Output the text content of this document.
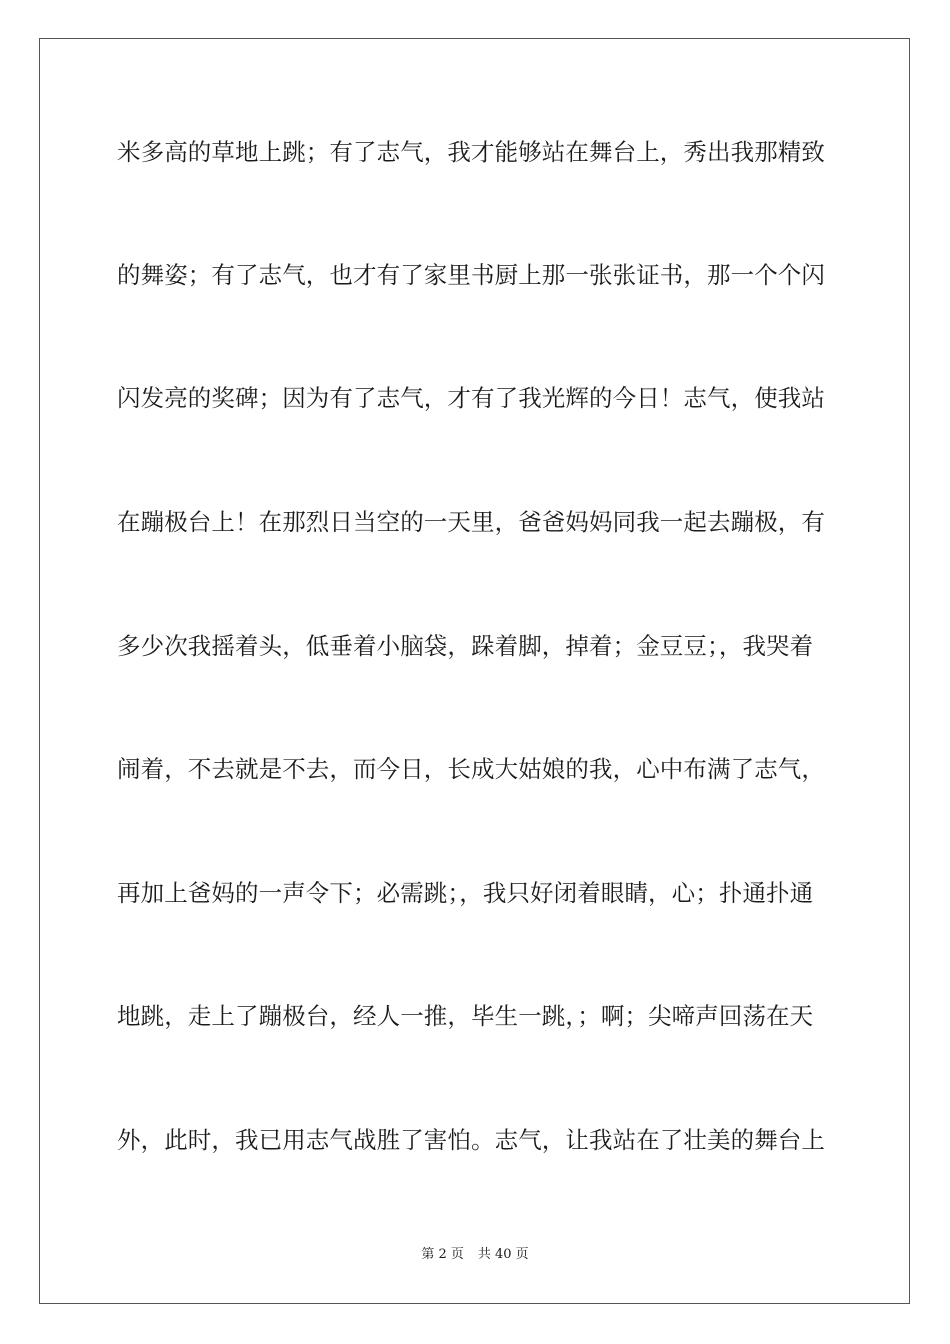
米多高的草地上跳；有了志气，我才能够站在舞台上，秀出我那精致
的舞姿；有了志气，也才有了家里书厨上那一张张证书，那一个个闪
闪发亮的奖碑；因为有了志气，才有了我光辉的今日！志气，使我站
在蹦极台上！在那烈日当空的一天里，爸爸妈妈同我一起去蹦极，有
多少次我摇着头，低垂着小脑袋，跺着脚，掉着；金豆豆；，我哭着
闹着，不去就是不去，而今日，长成大姑娘的我，心中布满了志气，
再加上爸妈的一声令下；必需跳；，我只好闭着眼睛，心；扑通扑通
地跳，走上了蹦极台，经人一推，毕生一跳，；啊；尖啼声回荡在天
外，此时，我已用志气战胜了害怕。志气，让我站在了壮美的舞台上
第 2 页 共 40 页
